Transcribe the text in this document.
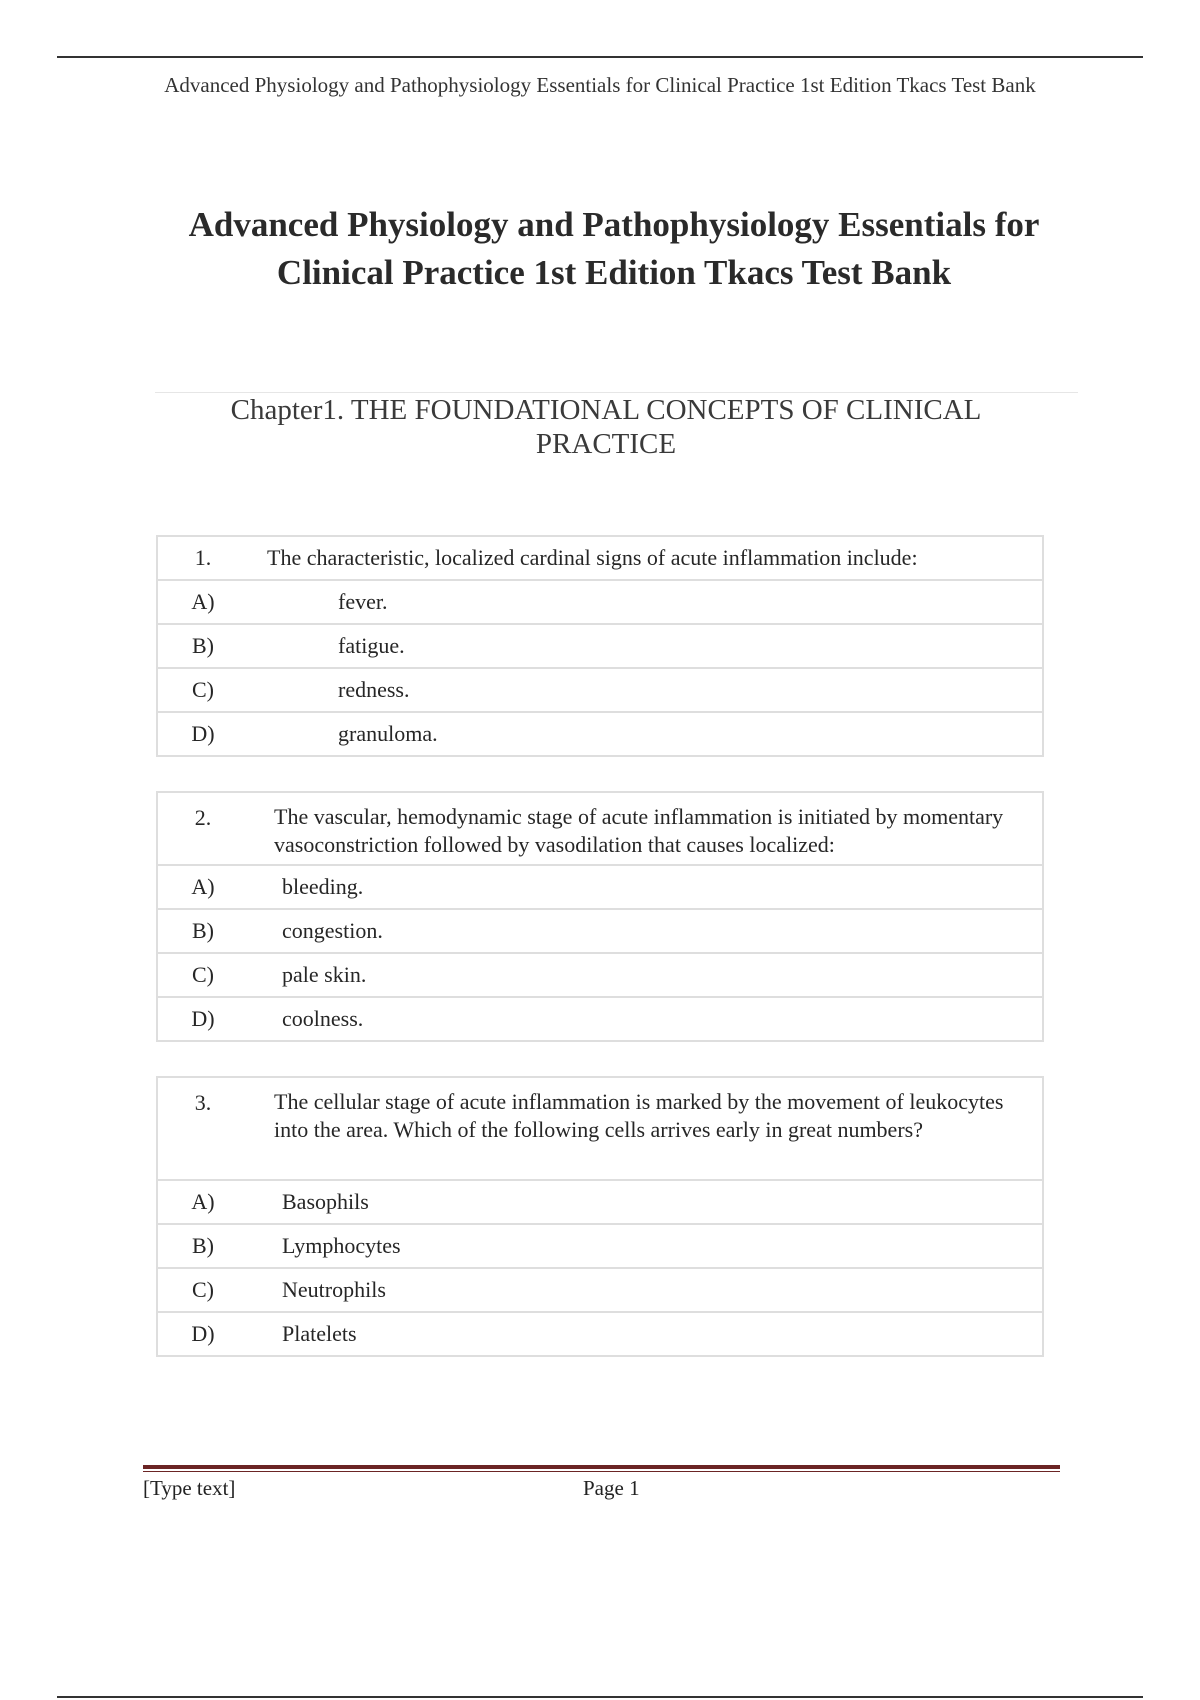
Advanced Physiology and Pathophysiology Essentials for Clinical Practice 1st Edition Tkacs Test Bank
Advanced Physiology and Pathophysiology Essentials for Clinical Practice 1st Edition Tkacs Test Bank
Chapter1. THE FOUNDATIONAL CONCEPTS OF CLINICAL PRACTICE
1.	The characteristic, localized cardinal signs of acute inflammation include:
A)	fever.
B)	fatigue.
C)	redness.
D)	granuloma.
2.	The vascular, hemodynamic stage of acute inflammation is initiated by momentary vasoconstriction followed by vasodilation that causes localized:
A)	bleeding.
B)	congestion.
C)	pale skin.
D)	coolness.
3.	The cellular stage of acute inflammation is marked by the movement of leukocytes into the area. Which of the following cells arrives early in great numbers?
A)	Basophils
B)	Lymphocytes
C)	Neutrophils
D)	Platelets
[Type text]	Page 1
